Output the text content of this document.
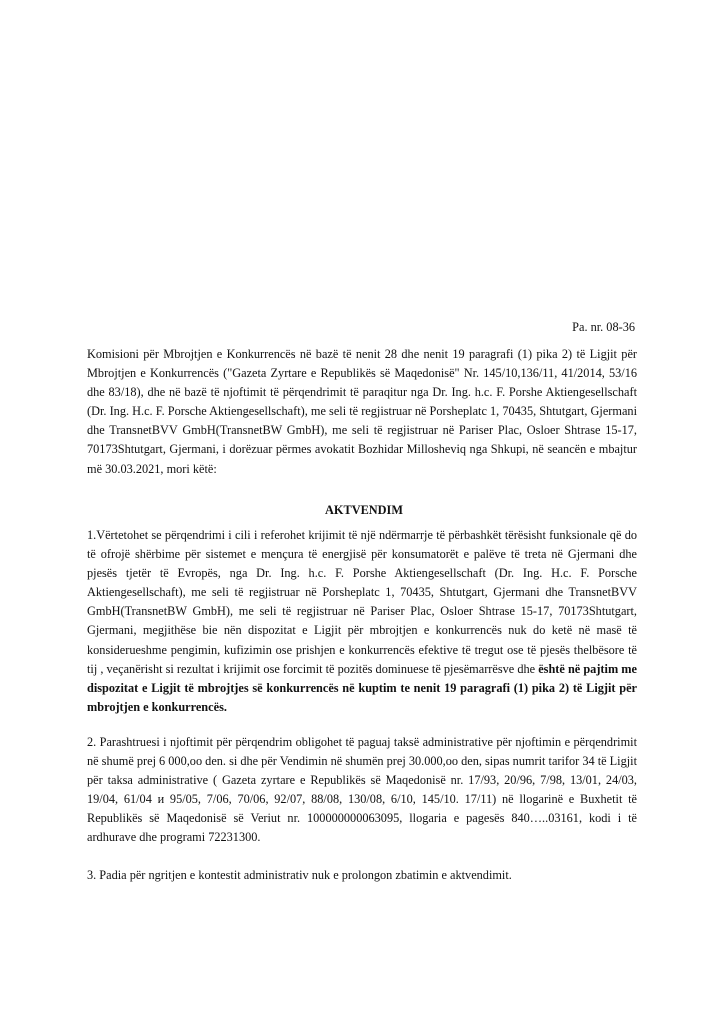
Pa. nr. 08-36
Komisioni për Mbrojtjen e Konkurrencës në bazë të nenit 28 dhe nenit 19 paragrafi (1) pika 2) të Ligjit për Mbrojtjen e Konkurrencës ("Gazeta Zyrtare e Republikës së Maqedonisë" Nr. 145/10,136/11, 41/2014, 53/16 dhe 83/18), dhe në bazë të njoftimit të përqendrimit të paraqitur nga Dr. Ing. h.c. F. Porshe Aktiengesellschaft (Dr. Ing. H.c. F. Porsche Aktiengesellschaft), me seli të regjistruar në Porsheplatc 1, 70435, Shtutgart, Gjermani dhe TransnetBVV GmbH(TransnetBW GmbH), me seli të regjistruar në Pariser Plac, Osloer Shtrase 15-17, 70173Shtutgart, Gjermani, i dorëzuar përmes avokatit Bozhidar Milloshеviq nga Shkupi, në seancën e mbajtur më 30.03.2021, mori këtë:
AKTVENDIM
1.Vërtetohet se përqendrimi i cili i referohet krijimit të një ndërmarrje të përbashkët tërësisht funksionale që do të ofrojë shërbime për sistemet e mençura të energjisë për konsumatorët e palëve të treta në Gjermani dhe pjesës tjetër të Evropës, nga Dr. Ing. h.c. F. Porshe Aktiengesellschaft (Dr. Ing. H.c. F. Porsche Aktiengesellschaft), me seli të regjistruar në Porsheplatc 1, 70435, Shtutgart, Gjermani dhe TransnetBVV GmbH(TransnetBW GmbH), me seli të regjistruar në Pariser Plac, Osloer Shtrase 15-17, 70173Shtutgart, Gjermani, megjithëse bie nën dispozitat e Ligjit për mbrojtjen e konkurrencës nuk do ketë në masë të konsiderueshme pengimin, kufizimin ose prishjen e konkurrencës efektive të tregut ose të pjesës thelbësore të tij , veçanërisht si rezultat i krijimit ose forcimit të pozitës dominuese të pjesëmarrësve dhe është në pajtim me dispozitat e Ligjit të mbrojtjes së konkurrencës në kuptim te nenit 19 paragrafi (1) pika 2) të Ligjit për mbrojtjen e konkurrencës.
2. Parashtruesi i njoftimit për përqendrim obligohet të paguaj taksë administrative për njoftimin e përqendrimit në shumë prej 6 000,oo den. si dhe për Vendimin në shumën prej 30.000,oo den, sipas numrit tarifor 34 të Ligjit për taksa administrative ( Gazeta zyrtare e Republikës së Maqedonisë nr. 17/93, 20/96, 7/98, 13/01, 24/03, 19/04, 61/04 и 95/05, 7/06, 70/06, 92/07, 88/08, 130/08, 6/10, 145/10. 17/11) në llogarinë e Buxhetit të Republikës së Maqedonisë së Veriut nr. 100000000063095, llogaria e pagesës 840…..03161, kodi i të ardhurave dhe programi 72231300.
3. Padia për ngritjen e kontestit administrativ nuk e prolongon zbatimin e aktvendimit.
